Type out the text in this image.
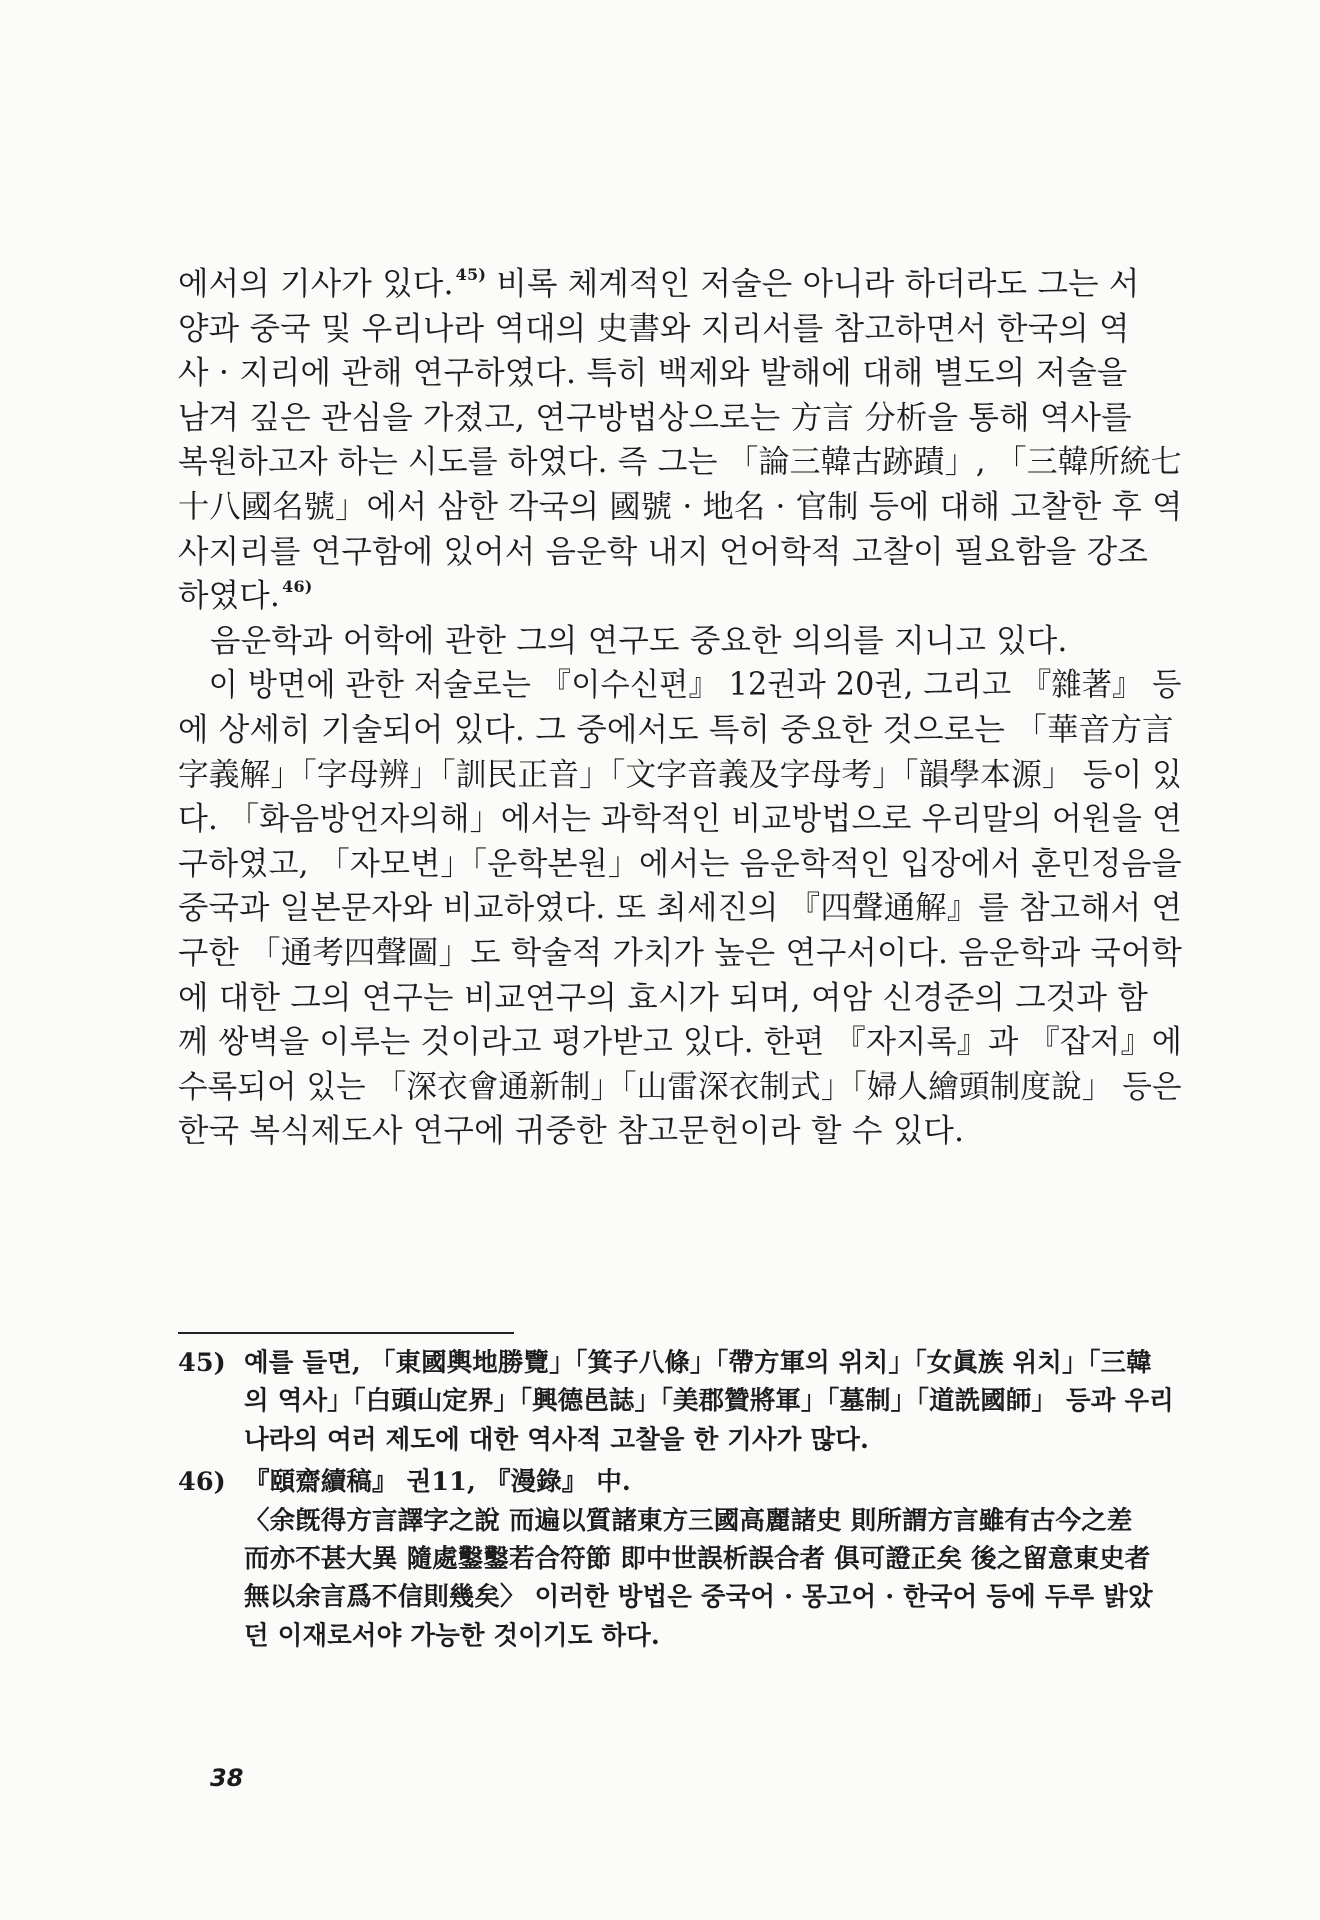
에서의 기사가 있다. $^{45)}$ 비록 체계적인 저술은 아니라 하더라도 그는 서
양과 중국 및 우리나라 역대의 史書와 지리서를 참고하면서 한국의 역
사 · 지리에 관해 연구하였다. 특히 백제와 발해에 대해 별도의 저술을
남겨 깊은 관심을 가졌고, 연구방법상으로는 方言 分析을 통해 역사를
복원하고자 하는 시도를 하였다. 즉 그는 「論三韓古跡蹟」, 「三韓所統七
十八國名號」에서 삼한 각국의 國號 · 地名 · 官制 등에 대해 고찰한 후 역
사지리를 연구함에 있어서 음운학 내지 언어학적 고찰이 필요함을 강조
하였다. $^{46)}$

음운학과 어학에 관한 그의 연구도 중요한 의의를 지니고 있다.

이 방면에 관한 저술로는 『이수신편』 12권과 20권, 그리고 『雜著』 등
에 상세히 기술되어 있다. 그 중에서도 특히 중요한 것으로는 「華音方言
字義解」「字母辨」「訓民正音」「文字音義及字母考」「韻學本源」 등이 있
다. 「화음방언자의해」에서는 과학적인 비교방법으로 우리말의 어원을 연
구하였고, 「자모변」「운학본원」에서는 음운학적인 입장에서 훈민정음을
중국과 일본문자와 비교하였다. 또 최세진의 『四聲通解』를 참고해서 연
구한 「通考四聲圖」도 학술적 가치가 높은 연구서이다. 음운학과 국어학
에 대한 그의 연구는 비교연구의 효시가 되며, 여암 신경준의 그것과 함
께 쌍벽을 이루는 것이라고 평가받고 있다. 한편 『자지록』과 『잡저』에
수록되어 있는 「深衣會通新制」「山雷深衣制式」「婦人繪頭制度說」 등은
한국 복식제도사 연구에 귀중한 참고문헌이라 할 수 있다.

45) 예를 들면, 「東國輿地勝覽」「箕子八條」「帶方軍의 위치」「女眞族 위치」「三韓
의 역사」「白頭山定界」「興德邑誌」「美郡贊將軍」「墓制」「道詵國師」 등과 우리
나라의 여러 제도에 대한 역사적 고찰을 한 기사가 많다.
46) 『頤齋續稿』 권11, 『漫錄』 中.
〈余旣得方言譯字之說 而遍以質諸東方三國高麗諸史 則所謂方言雖有古今之差
而亦不甚大異 隨處鑿鑿若合符節 即中世誤析誤合者 俱可證正矣 後之留意東史者
無以余言爲不信則幾矣〉 이러한 방법은 중국어 · 몽고어 · 한국어 등에 두루 밝았
던 이재로서야 가능한 것이기도 하다.
38
